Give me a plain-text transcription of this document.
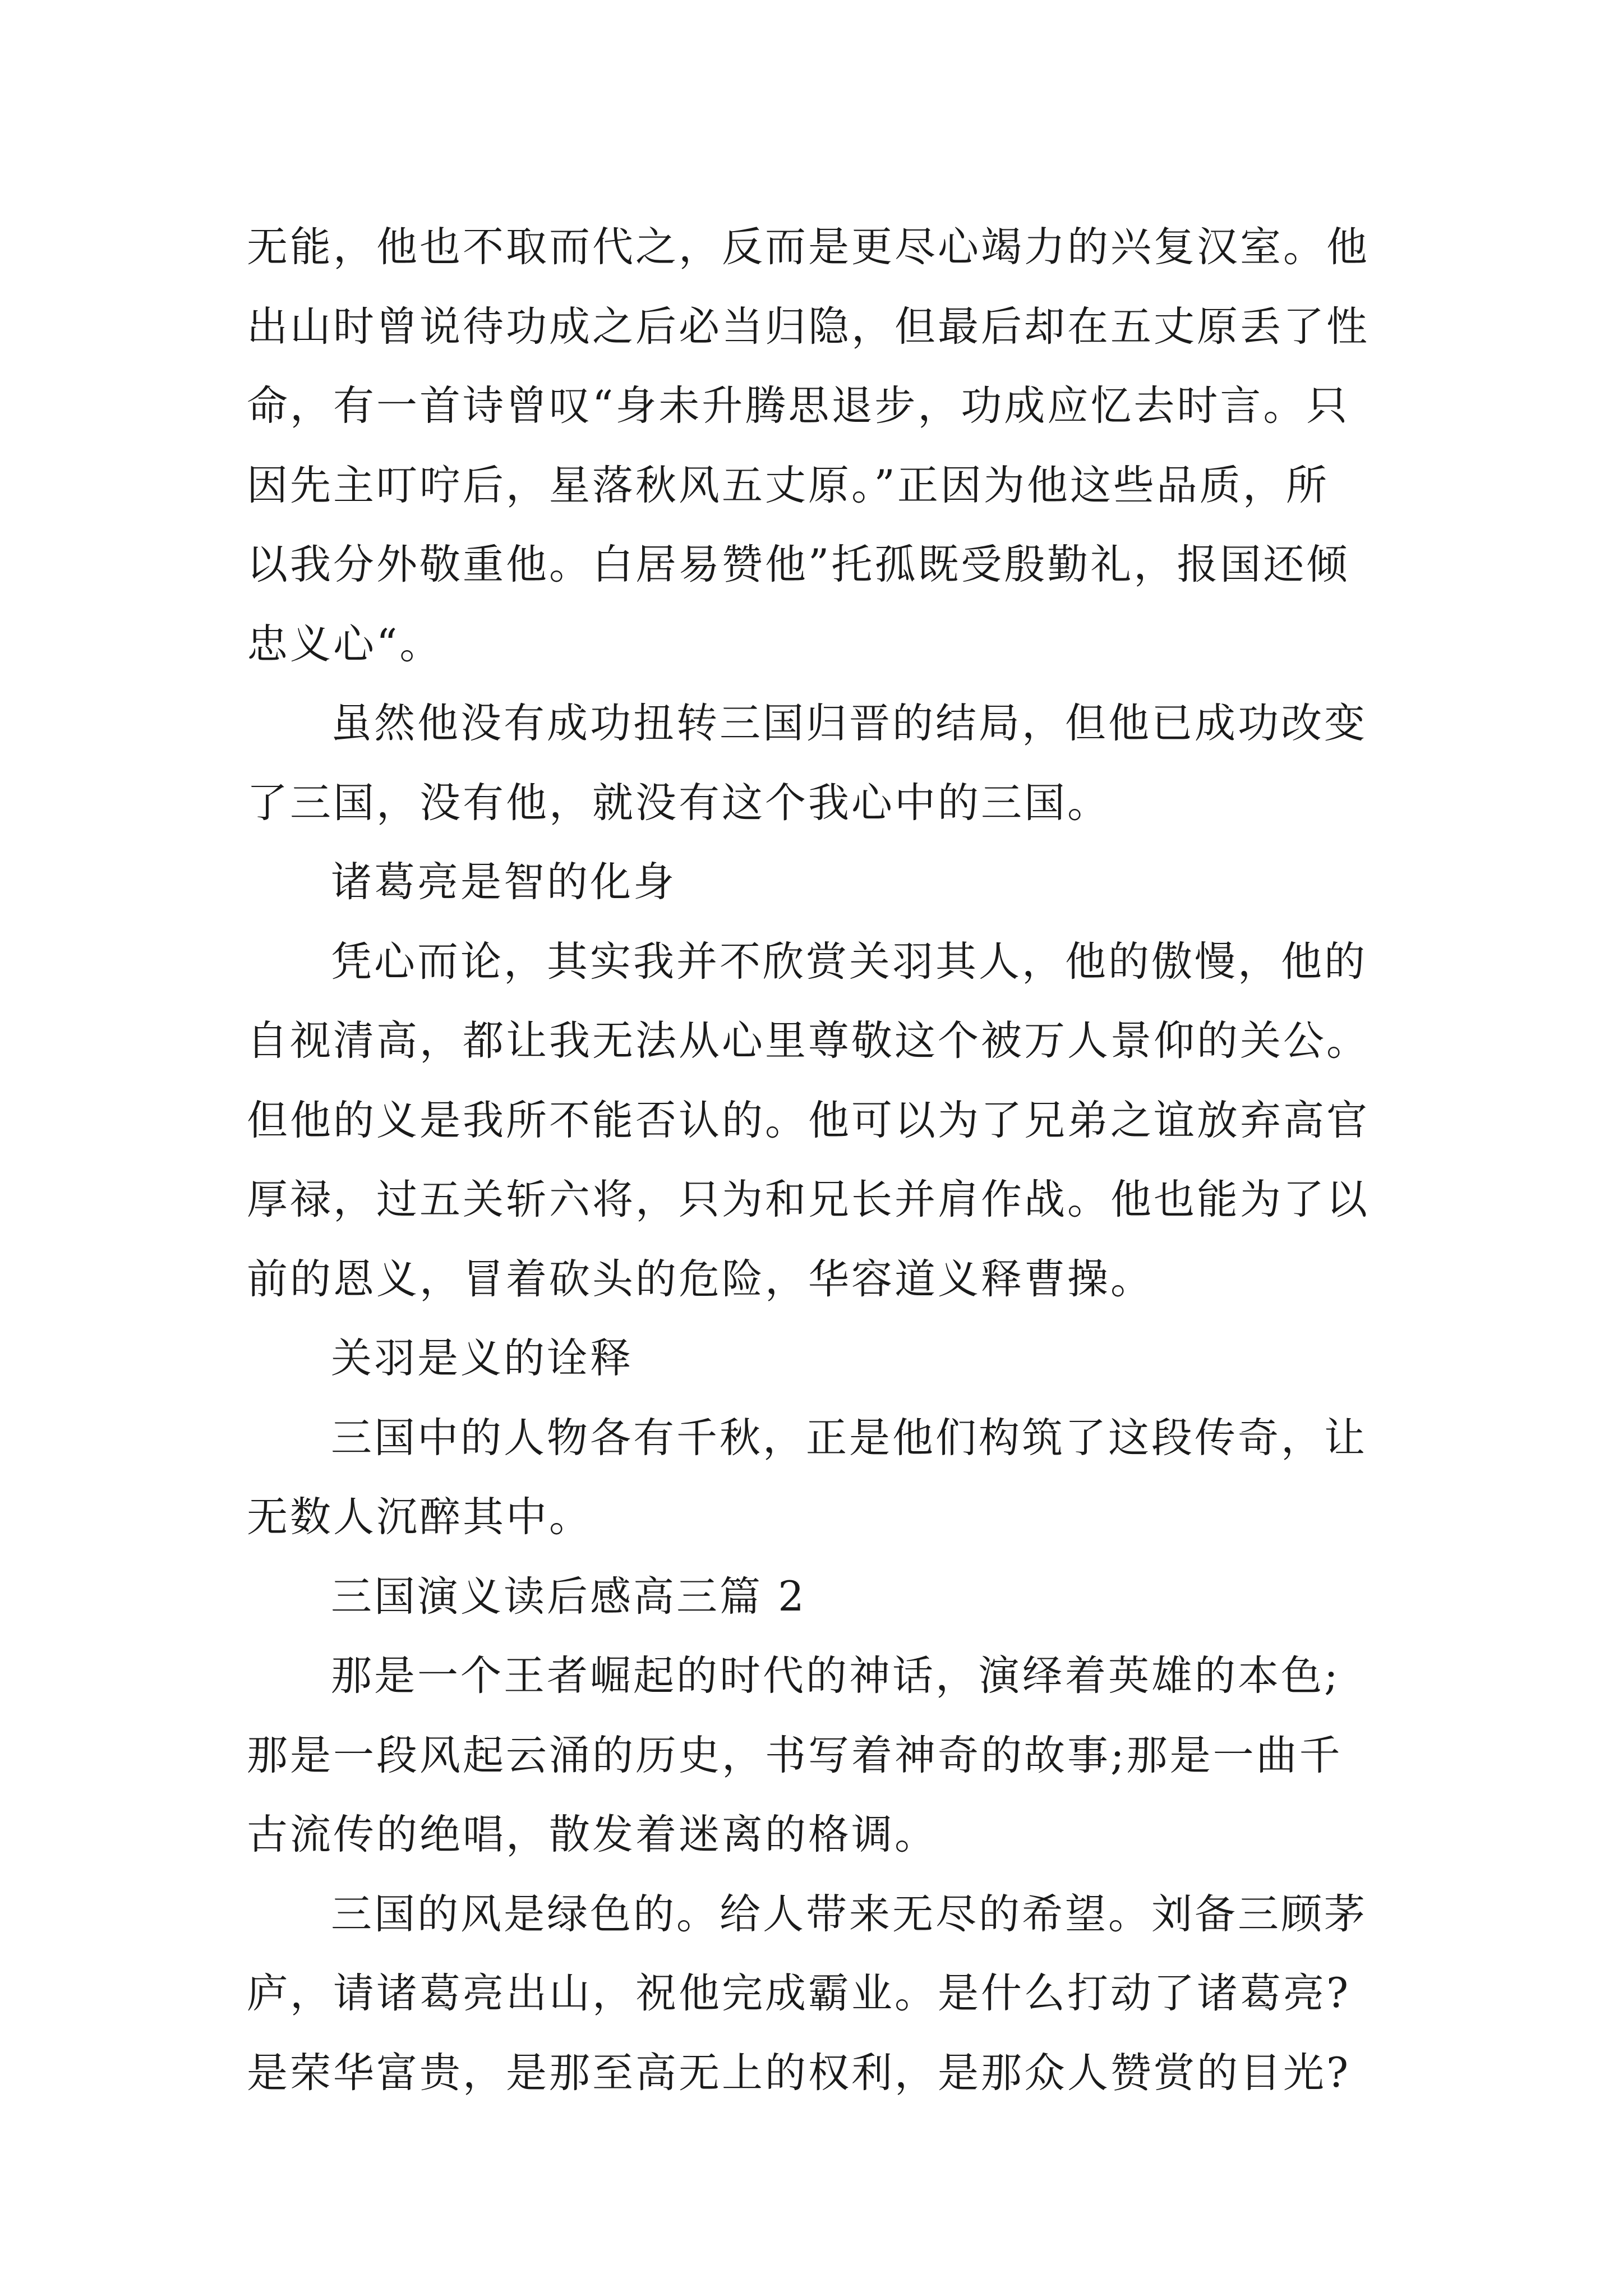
无能，他也不取而代之，反而是更尽心竭力的兴复汉室。他
出山时曾说待功成之后必当归隐，但最后却在五丈原丢了性
命，有一首诗曾叹“身未升腾思退步，功成应忆去时言。只
因先主叮咛后，星落秋风五丈原。”正因为他这些品质，所
以我分外敬重他。白居易赞他”托孤既受殷勤礼，报国还倾
忠义心“。

虽然他没有成功扭转三国归晋的结局，但他已成功改变
了三国，没有他，就没有这个我心中的三国。

诸葛亮是智的化身

凭心而论，其实我并不欣赏关羽其人，他的傲慢，他的
自视清高，都让我无法从心里尊敬这个被万人景仰的关公。
但他的义是我所不能否认的。他可以为了兄弟之谊放弃高官
厚禄，过五关斩六将，只为和兄长并肩作战。他也能为了以
前的恩义，冒着砍头的危险，华容道义释曹操。

关羽是义的诠释

三国中的人物各有千秋，正是他们构筑了这段传奇，让
无数人沉醉其中。

三国演义读后感高三篇 2

那是一个王者崛起的时代的神话，演绎着英雄的本色;
那是一段风起云涌的历史，书写着神奇的故事;那是一曲千
古流传的绝唱，散发着迷离的格调。

三国的风是绿色的。给人带来无尽的希望。刘备三顾茅
庐，请诸葛亮出山，祝他完成霸业。是什么打动了诸葛亮?
是荣华富贵，是那至高无上的权利，是那众人赞赏的目光?
